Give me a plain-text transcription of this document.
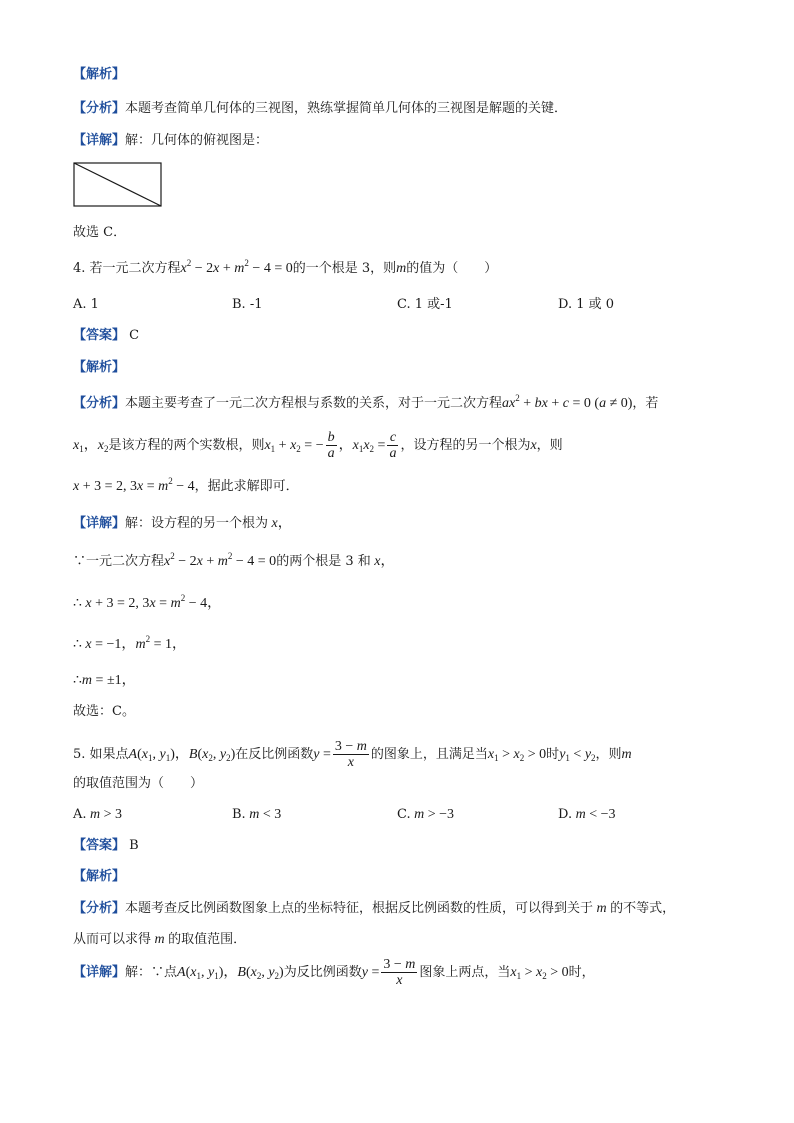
【解析】
【分析】本题考查简单几何体的三视图，熟练掌握简单几何体的三视图是解题的关键．
【详解】解：几何体的俯视图是：
故选 C．
4. 若一元二次方程$x^2 - 2x + m^2 - 4 = 0$的一个根是 3，则m的值为（　　）
A. 1	B. -1	C. 1 或-1	D. 1 或 0
【答案】 C
【解析】
【分析】本题主要考查了一元二次方程根与系数的关系，对于一元二次方程$ax^2$ + bx + c = 0 (a ≠ 0)，若
$x_1$，$x_2$是该方程的两个实数根，则$x_1 + x_2$ = − $\frac{b}{a}$ ，$x_1x_2 = \frac{c}{a}$ ，设方程的另一个根为x，则
x + 3 = 2, $3x = m^2 - 4$，据此求解即可．
【详解】解：设方程的另一个根为 x，
∵一元二次方程$x^2 - 2x + m^2 - 4 = 0$的两个根是 3 和 x，
∴ x + 3 = 2, $3x = m^2 - 4$，
∴ x = −1，$m^2 = 1$，
∴m = ±1，
故选：C。
5. 如果点$A(x_1$, $y_1$)，$B(x_2$, $y_2$)在反比例函数$y = \frac{3 - m}{x}$ 的图象上，且满足当$x_1 > x_2 > 0$时$y_1 < y_2$，则m
的取值范围为（　　）
A. m > 3	B. m < 3	C. m > −3	D. m < −3
【答案】 B
【解析】
【分析】本题考查反比例函数图象上点的坐标特征，根据反比例函数的性质，可以得到关于 m 的不等式，
从而可以求得 m 的取值范围．
【详解】解：∵点$A(x_1$, $y_1$)，$B(x_2$, $y_2$)为反比例函数$y = \frac{3 - m}{x}$ 图象上两点，当$x_1 > x_2 > 0$时，
